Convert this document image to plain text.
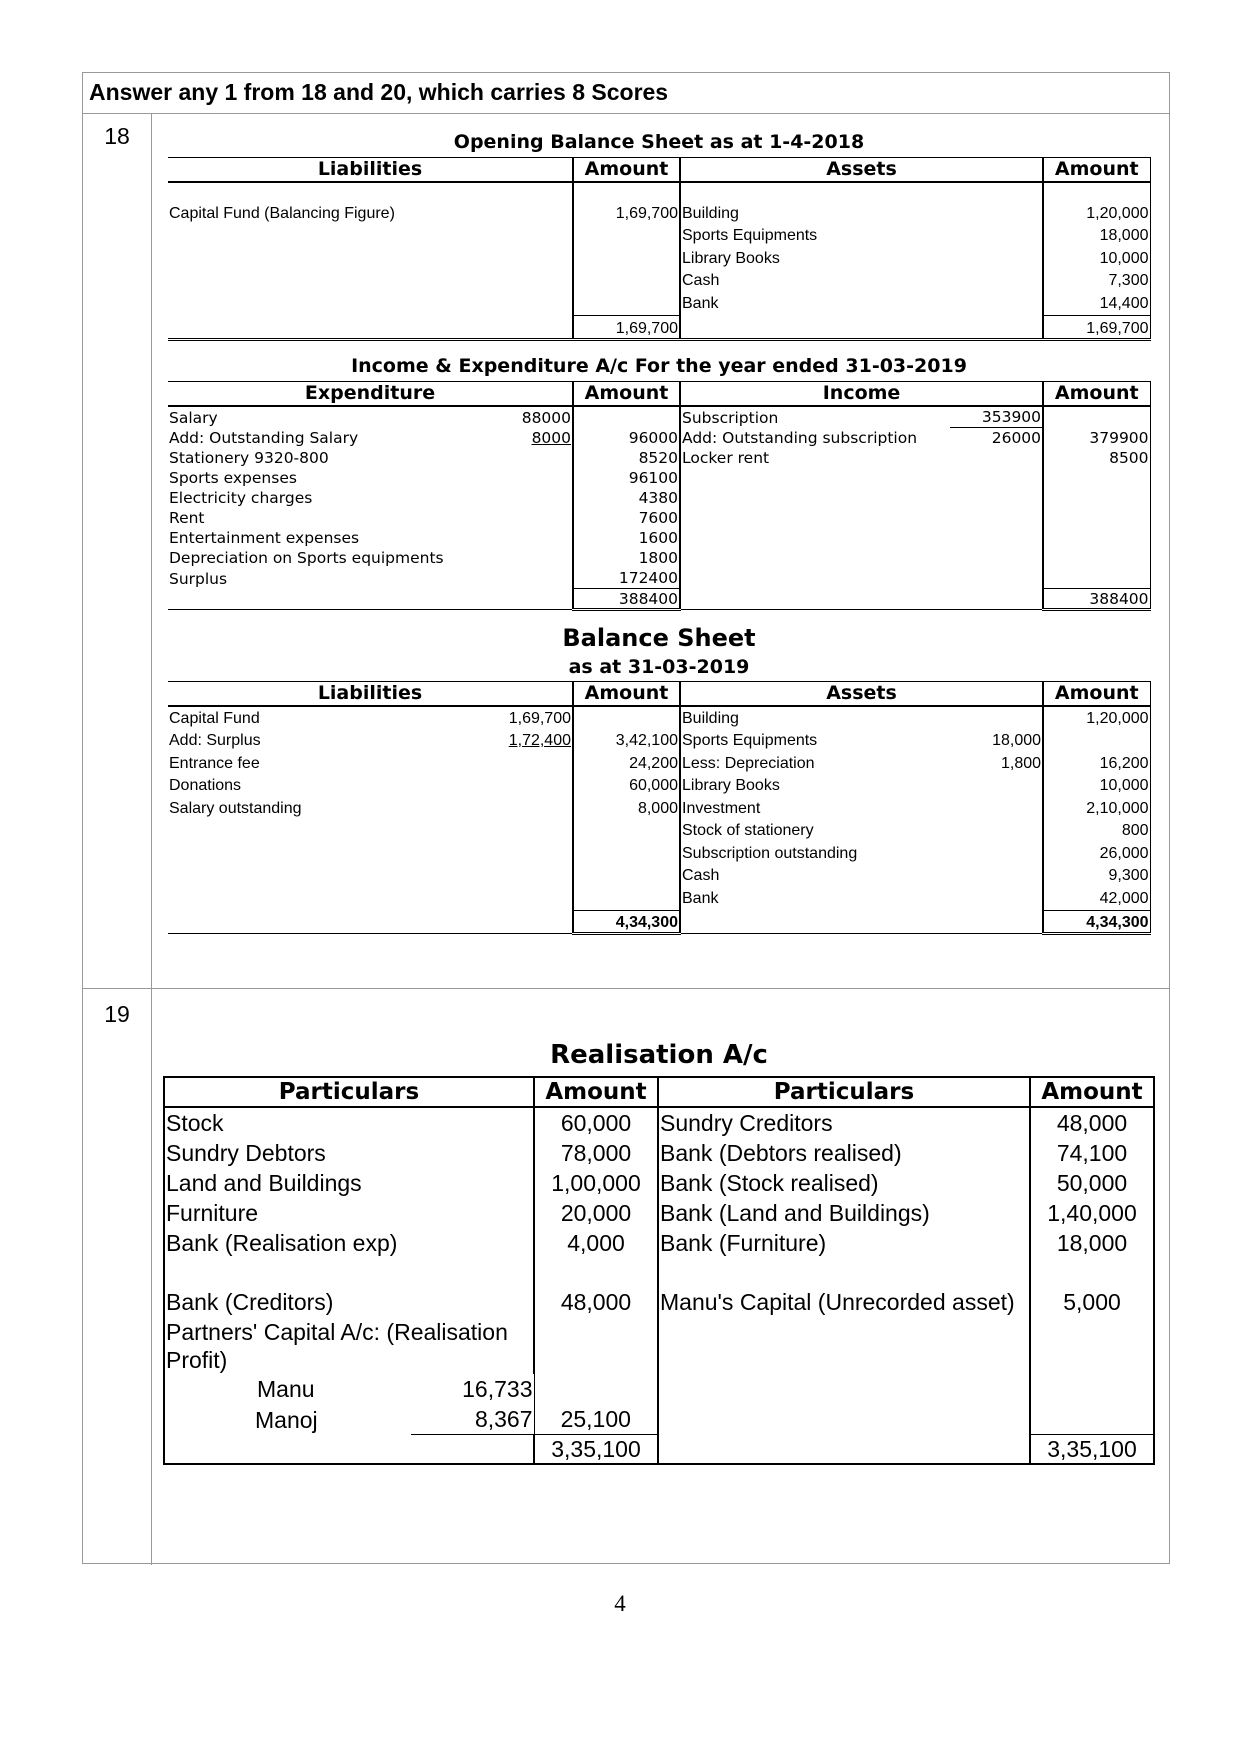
Answer any 1 from 18 and 20, which carries 8 Scores
18
19
Opening Balance Sheet as at 1-4-2018
Liabilities	Amount	Assets	Amount

Capital Fund (Balancing Figure)	1,69,700	Building	1,20,000
		Sports Equipments	18,000
		Library Books	10,000
		Cash	7,300
		Bank	14,400
	1,69,700		1,69,700
Income & Expenditure A/c For the year ended 31-03-2019
Expenditure		Amount	Income		Amount
Salary	88000		Subscription	353900	
Add: Outstanding Salary	8000	96000	Add: Outstanding subscription	26000	379900
Stationery 9320-800		8520	Locker rent		8500
Sports expenses		96100			
Electricity charges		4380			
Rent		7600			
Entertainment expenses		1600			
Depreciation on Sports equipments		1800			
Surplus		172400			
		388400			388400
Balance Sheet
as at 31-03-2019
Liabilities		Amount	Assets		Amount
Capital Fund	1,69,700		Building		1,20,000
Add: Surplus	1,72,400	3,42,100	Sports Equipments	18,000	
Entrance fee		24,200	Less: Depreciation	1,800	16,200
Donations		60,000	Library Books		10,000
Salary outstanding		8,000	Investment		2,10,000
			Stock of stationery		800
			Subscription outstanding		26,000
			Cash		9,300
			Bank		42,000
		4,34,300			4,34,300
Realisation A/c
Particulars		Amount	Particulars	Amount
Stock		60,000	Sundry Creditors	48,000
Sundry Debtors		78,000	Bank (Debtors realised)	74,100
Land and Buildings		1,00,000	Bank (Stock realised)	50,000
Furniture		20,000	Bank (Land and Buildings)	1,40,000
Bank (Realisation exp)		4,000	Bank (Furniture)	18,000
Bank (Creditors)		48,000	Manu's Capital (Unrecorded asset)	5,000
Partners' Capital A/c: (Realisation Profit)				
Manu	16,733			
Manoj	8,367	25,100		
		3,35,100		3,35,100
4
